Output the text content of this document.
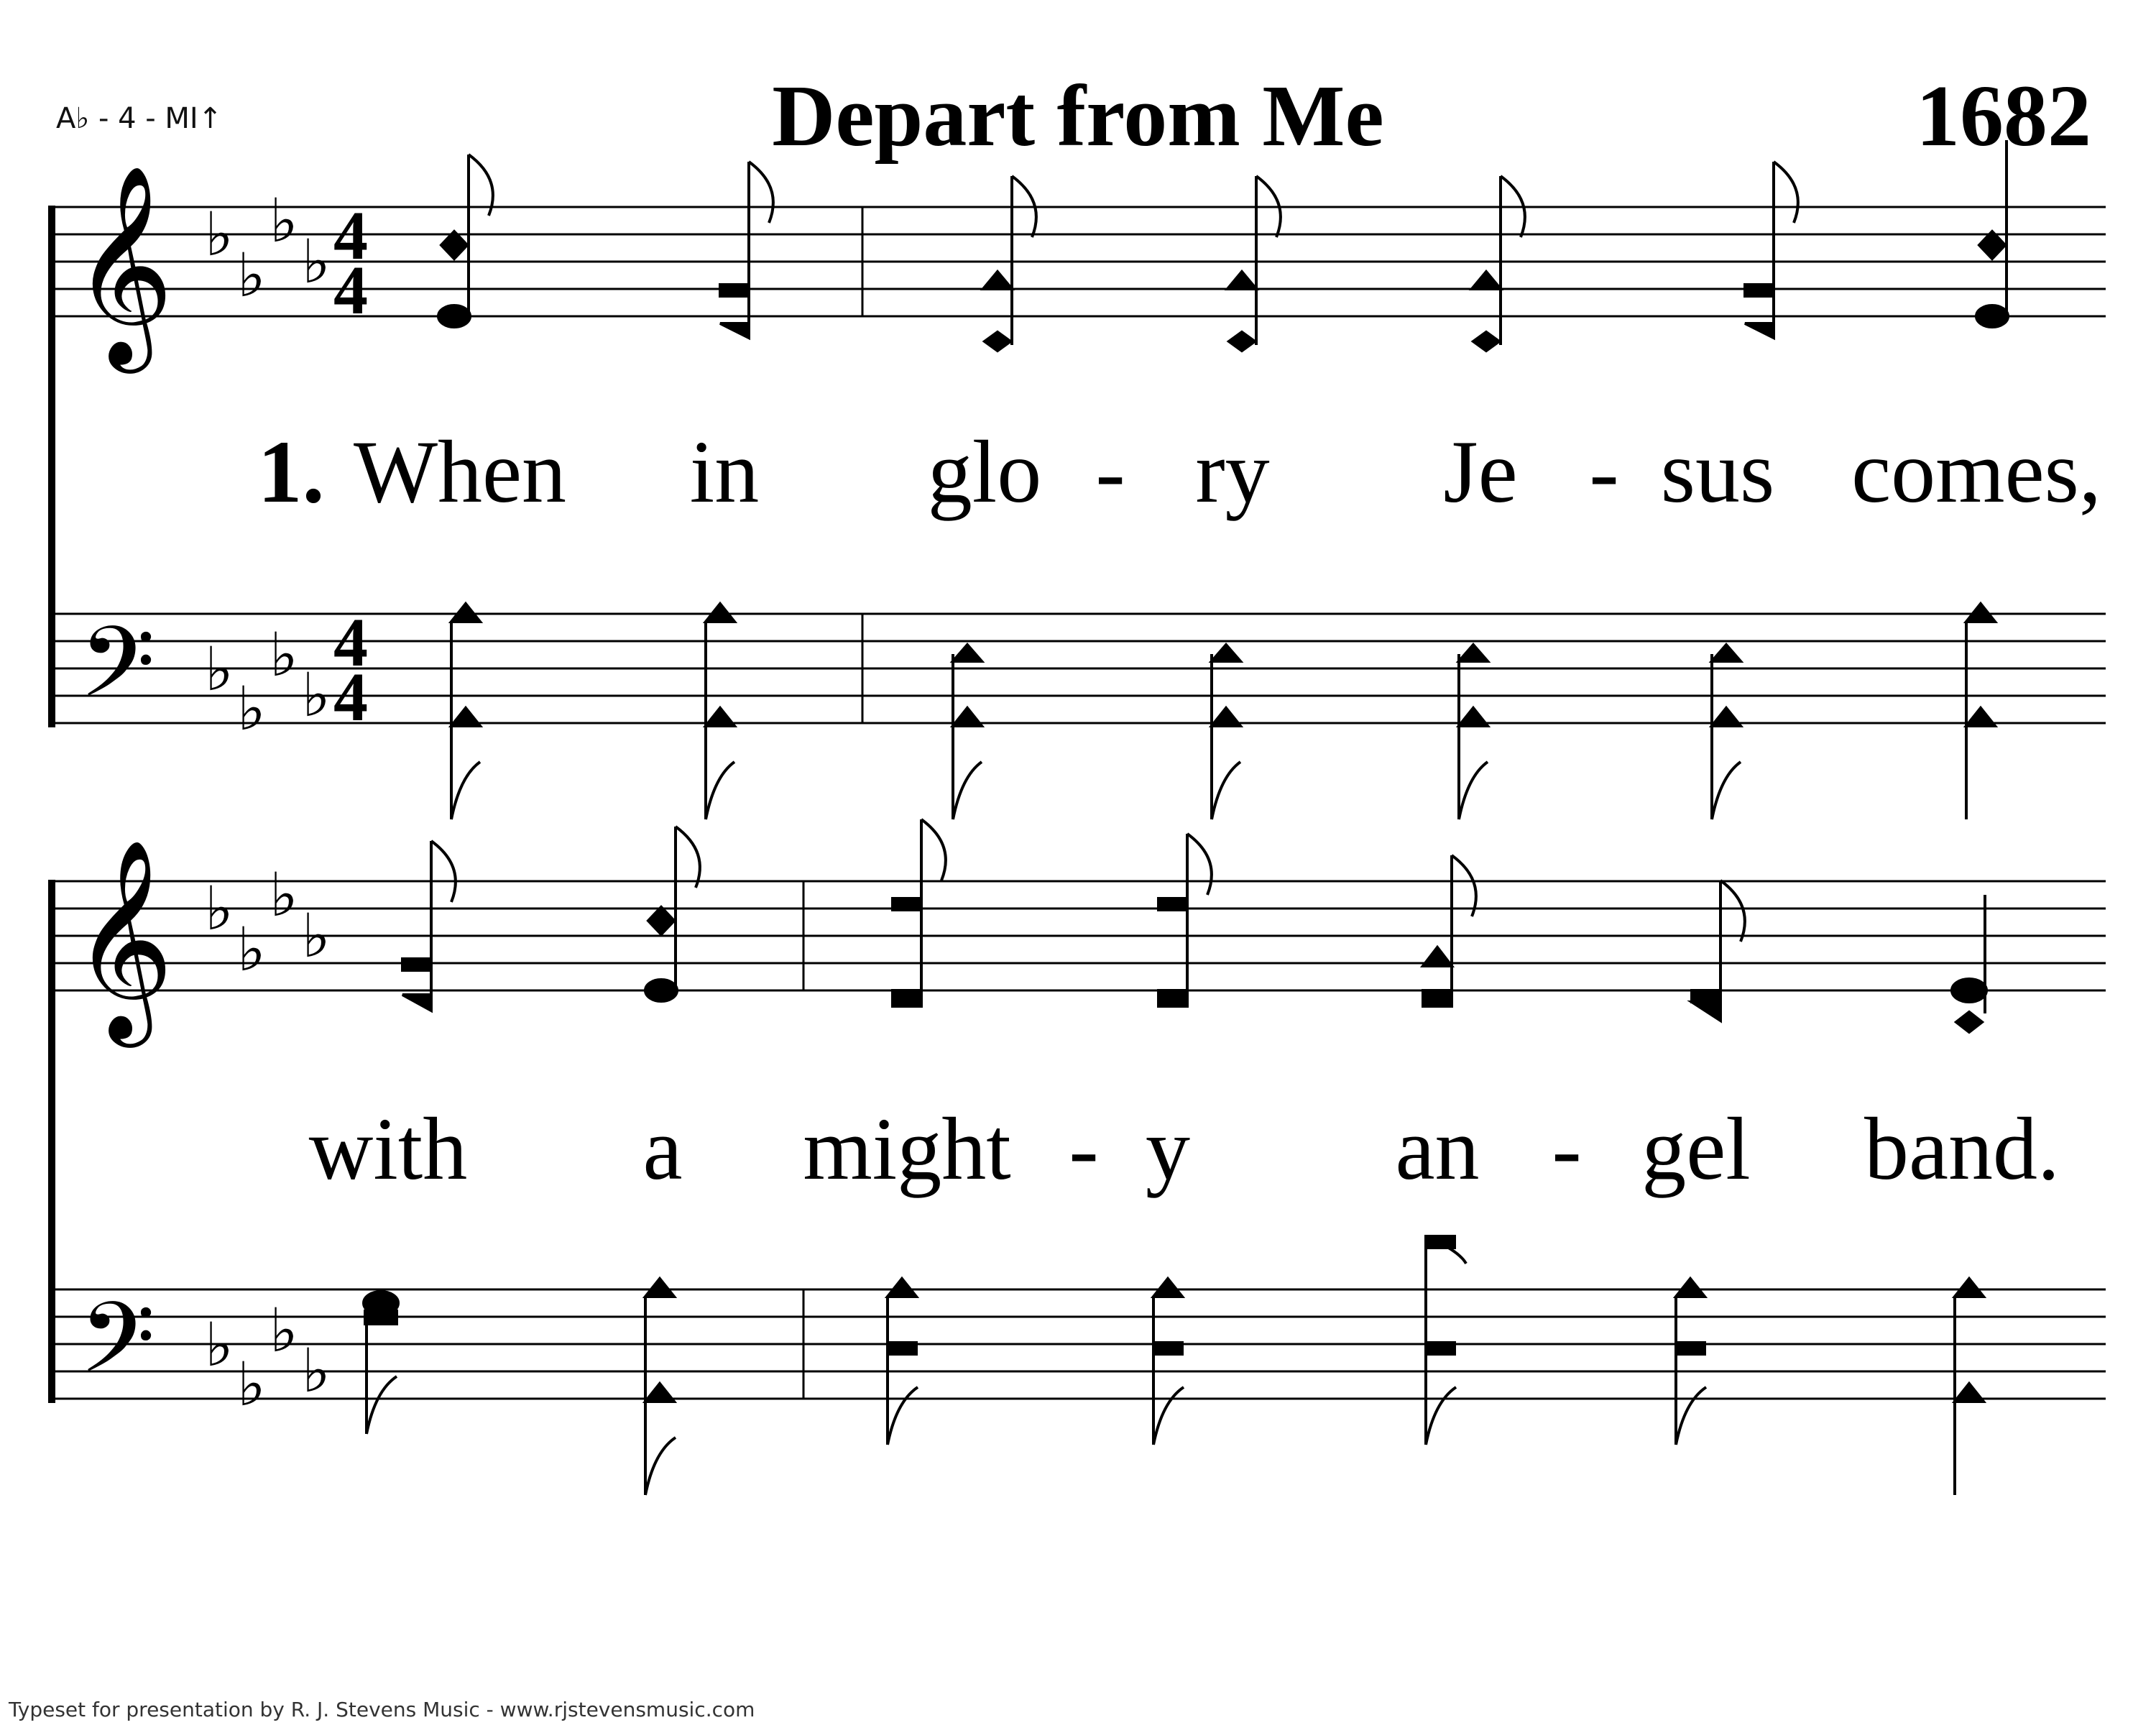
A♭ - 4 - MI↑	Depart from Me	1682
𝄞
𝄢
♭
♭
♭
♭
♭
♭
♭
♭
4
4
4
4
𝄞
𝄢
♭
♭
♭
♭
♭
♭
♭
♭
1. When in glo - ry Je - sus comes,
with a might - y an - gel band.
Typeset for presentation by R. J. Stevens Music - www.rjstevensmusic.com
